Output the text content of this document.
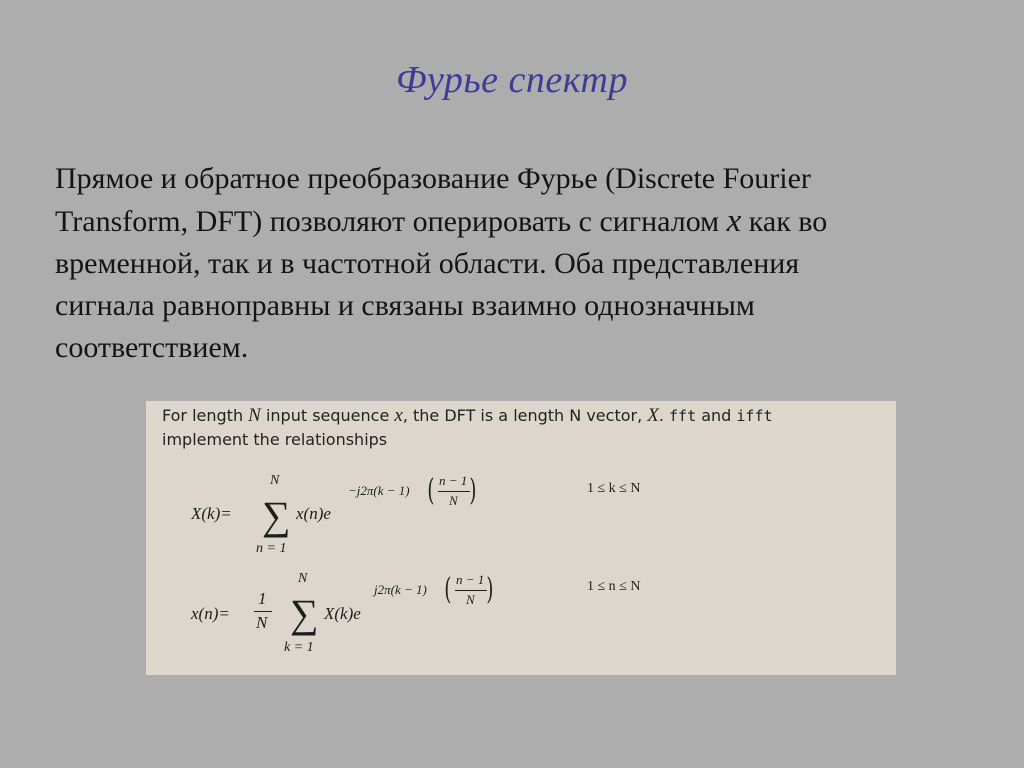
Фурье спектр
Прямое и обратное преобразование Фурье (Discrete Fourier
Transform, DFT) позволяют оперировать с сигналом x как во
временной, так и в частотной области. Оба представления
сигнала равноправны и связаны взаимно однозначным
соответствием.
For length N input sequence x, the DFT is a length N vector, X. fft and ifft
implement the relationships
X(k)=
N
∑
n = 1
x(n)e
−j2π(k − 1) ( n − 1
N )	1 ≤ k ≤ N
x(n)=
1
N
N
∑
k = 1
X(k)e
j2π(k − 1) ( n − 1
N )	1 ≤ n ≤ N
